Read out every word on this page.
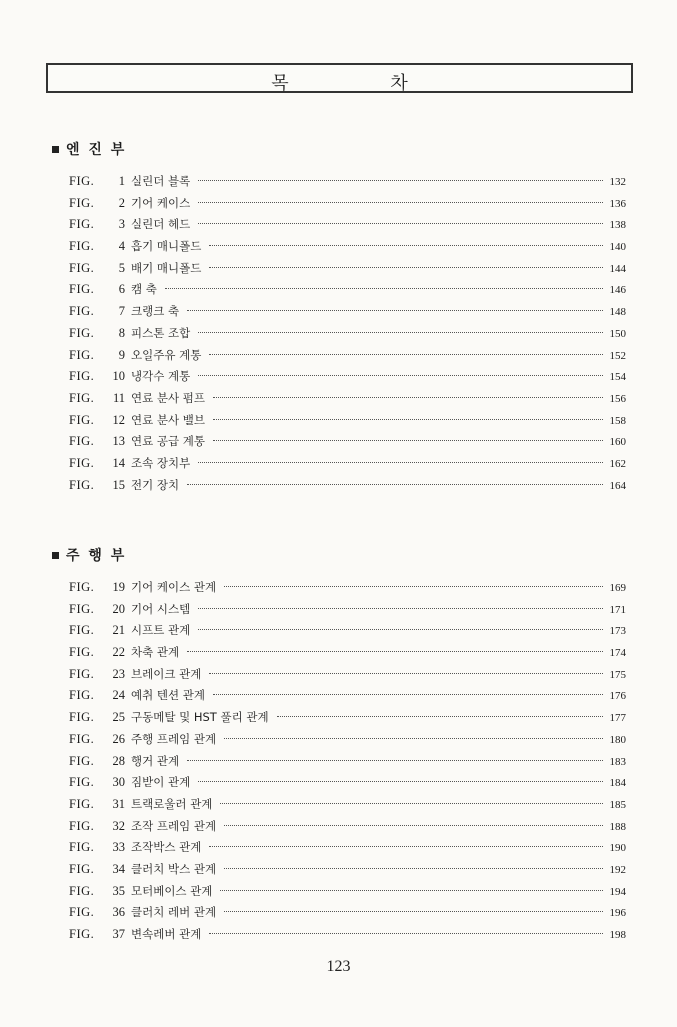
목 차
엔 진 부
FIG.	1 실린더 블록	132
FIG.	2 기어 케이스	136
FIG.	3 실린더 헤드	138
FIG.	4 흡기 매니폴드	140
FIG.	5 배기 매니폴드	144
FIG.	6 캠 축	146
FIG.	7 크랭크 축	148
FIG.	8 피스톤 조합	150
FIG.	9 오일주유 계통	152
FIG.	10 냉각수 계통	154
FIG.	11 연료 분사 펌프	156
FIG.	12 연료 분사 밸브	158
FIG.	13 연료 공급 계통	160
FIG.	14 조속 장치부	162
FIG.	15 전기 장치	164
주 행 부
FIG.	19 기어 케이스 관계	169
FIG.	20 기어 시스템	171
FIG.	21 시프트 관계	173
FIG.	22 차축 관계	174
FIG.	23 브레이크 관계	175
FIG.	24 예취 텐션 관계	176
FIG.	25 구동메탈 및 HST 풀리 관계	177
FIG.	26 주행 프레임 관계	180
FIG.	28 행거 관계	183
FIG.	30 짐받이 관계	184
FIG.	31 트랙로울러 관계	185
FIG.	32 조작 프레임 관계	188
FIG.	33 조작박스 관계	190
FIG.	34 클러치 박스 관계	192
FIG.	35 모터베이스 관계	194
FIG.	36 클러치 레버 관계	196
FIG.	37 변속레버 관계	198
123
